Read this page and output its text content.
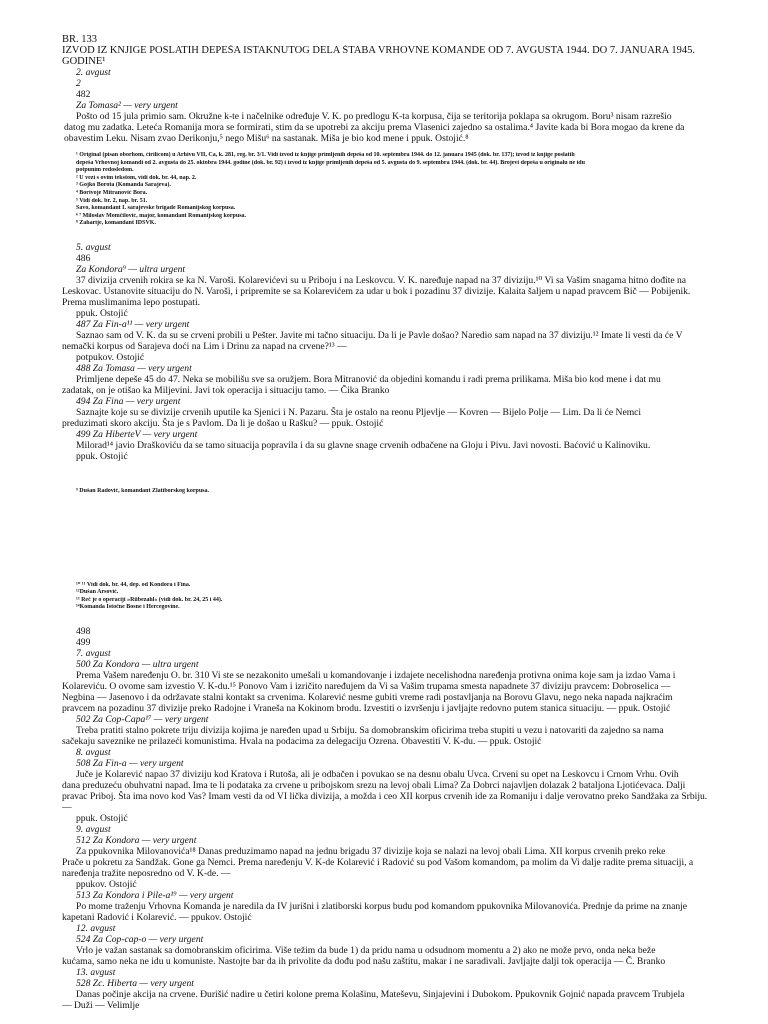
BR. 133
IZVOD IZ KNJIGE POSLATIH DEPEŠA ISTAKNUTOG DELA ŠTABA VRHOVNE KOMANDE OD 7. AVGUSTA 1944. DO 7. JANUARA 1945.
GODINE¹
2. avgust
2
482
Za Tomasa² — very urgent
Pošto od 15 jula primio sam. Okružne k-te i načelnike određuje V. K. po predlogu K-ta korpusa, čija se teritorija poklapa sa okrugom. Boru³ nisam razrešio
datog mu zadatka. Leteća Romanija mora se formirati, stim da se upotrebi za akciju prema Vlasenici zajedno sa ostalima.⁴ Javite kada bi Bora mogao da krene da
obavestim Leku. Nisam zvao Derikonju,⁵ nego Mišu⁶ na sastanak. Miša je bio kod mene i ppuk. Ostojić.⁸
¹ Original (pisan oborhom, ćirilicom) u Arhivu VII, Ca, k. 281, reg. br. 3/1. Vidi izvod iz knjige primljenih depeša od 10. septembra 1944. do 12. januara 1945 (dok. br. 137); izvod iz knjige poslatih
depeša Vrhovnoj komandi od 2. avgusta do 25. oktobra 1944. godine (dok. br. 92) i izvod iz knjige primljenih depeša od 5. avgusta do 9. septembra 1944. (dok. br. 44). Brojevi depeša u originalu ne idu
potpunim redosledom.
² U vezi s ovim tekstom, vidi dok. br. 44, nap. 2.
³ Gojko Borota (Komanda Sarajeva).
⁴ Borivoje Mitranović Bora.
⁵ Vidi dok. br. 2, nap. br. 51.
Savo, komandant I. sarajevske brigade Romanijskog korpusa.
⁶ ⁷ Miloslav Momčilović, major, komandant Romanijskog korpusa.
⁸ Zaharije, komandant IDSVK.
5. avgust
486
Za Kondora⁹ — ultra urgent
37 divizija crvenih rokira se ka N. Varoši. Kolarevićevi su u Priboju i na Leskovcu. V. K. naređuje napad na 37 diviziju.¹⁰ Vi sa Vašim snagama hitno dođite na
Leskovac. Ustanovite situaciju do N. Varoši, i pripremite se sa Kolarevićem za udar u bok i pozadinu 37 divizije. Kalaita šaljem u napad pravcem Bič — Pobijenik.
Prema muslimanima lepo postupati.
ppuk. Ostojić
487 Za Fin-a¹¹ — very urgent
Saznao sam od V. K. da su se crveni probili u Pešter. Javite mi tačno situaciju. Da li je Pavle došao? Naredio sam napad na 37 diviziju.¹² Imate li vesti da će V
nemački korpus od Sarajeva doći na Lim i Drinu za napad na crvene?¹³ —
potpukov. Ostojić
488 Za Tomasa — very urgent
Primljene depeše 45 do 47. Neka se mobilišu sve sa oružjem. Bora Mitranović da objedini komandu i radi prema prilikama. Miša bio kod mene i dat mu
zadatak, on je otišao ka Miljevini. Javi tok operacija i situaciju tamo. — Čika Branko
494 Za Fina — very urgent
Saznajte koje su se divizije crvenih uputile ka Sjenici i N. Pazaru. Šta je ostalo na reonu Pljevlje — Kovren — Bijelo Polje — Lim. Da li će Nemci
preduzimati skoro akciju. Šta je s Pavlom. Da li je došao u Rašku? — ppuk. Ostojić
499 Za HiberteV — very urgent
Milorad¹⁴ javio Draškoviću da se tamo situacija popravila i da su glavne snage crvenih odbačene na Gloju i Pivu. Javi novosti. Baćović u Kalinoviku.
ppuk. Ostojić
⁹ Dušan Radović, komandant Zlatiborskog korpusa.
¹⁰ ¹¹ Vidi dok. br. 44, dep. od Kondora i Fina.
¹²Dušan Arsović.
¹³ Reč je o operaciji »Rübezahl« (vidi dok. br. 24, 25 i 44).
¹⁴Komanda Istočne Bosne i Hercegovine.
498
499
7. avgust
500 Za Kondora — ultra urgent
Prema Vašem naređenju O. br. 310 Vi ste se nezakonito umešali u komandovanje i izdajete necelishodna naređenja protivna onima koje sam ja izdao Vama i
Kolareviću. O ovome sam izvestio V. K-du.¹⁵ Ponovo Vam i izričito naređujem da Vi sa Vašim trupama smesta napadnete 37 diviziju pravcem: Dobroselica —
Negbina — Jasenovo i da održavate stalni kontakt sa crvenima. Kolarević nesme gubiti vreme radi postavljanja na Borovu Glavu, nego neka napada najkraćim
pravcem na pozadinu 37 divizije preko Radojne i Vraneša na Kokinom brodu. Izvestiti o izvršenju i javljajte redovno putem stanica situaciju. — ppuk. Ostojić
502 Za Cop-Capa¹⁷ — very urgent
Treba pratiti stalno pokrete triju divizija kojima je naređen upad u Srbiju. Sa domobranskim oficirima treba stupiti u vezu i natovariti da zajedno sa nama
sačekaju saveznike ne prilazeći komunistima. Hvala na podacima za delegaciju Ozrena. Obavestiti V. K-du. — ppuk. Ostojić
8. avgust
508 Za Fin-a — very urgent
Juče je Kolarević napao 37 diviziju kod Kratova i Rutoša, ali je odbačen i povukao se na desnu obalu Uvca. Crveni su opet na Leskovcu i Crnom Vrhu. Ovih
dana preduzeću obuhvatni napad. Ima te li podataka za crvene u pribojskom srezu na levoj obali Lima? Za Dobrci najavljen dolazak 2 bataljona Ljotićevaca. Dalji
pravac Priboj. Šta ima novo kod Vas? Imam vesti da od VI lička divizija, a možda i ceo XII korpus crvenih ide za Romaniju i dalje verovatno preko Sandžaka za Srbiju.
—
ppuk. Ostojić
9. avgust
512 Za Kondora — very urgent
Za ppukovnika Milovanovića¹⁸ Danas preduzimamo napad na jednu brigadu 37 divizije koja se nalazi na levoj obali Lima. XII korpus crvenih preko reke
Prače u pokretu za Sandžak. Gone ga Nemci. Prema naređenju V. K-de Kolarević i Radović su pod Vašom komandom, pa molim da Vi dalje radite prema situaciji, a
naređenja tražite neposredno od V. K-de. —
ppukov. Ostojić
513 Za Kondora i Pile-a¹⁹ — very urgent
Po mome traženju Vrhovna Komanda je naredila da IV jurišni i zlatiborski korpus budu pod komandom ppukovnika Milovanovića. Prednje da prime na znanje
kapetani Radović i Kolarević. — ppukov. Ostojić
12. avgust
524 Za Cop-cap-o — very urgent
Vrlo je važan sastanak sa domobranskim oficirima. Više težim da bude 1) da pridu nama u odsudnom momentu a 2) ako ne može prvo, onda neka beže
kućama, samo neka ne idu u komuniste. Nastojte bar da ih privolite da dođu pod našu zaštitu, makar i ne saradivali. Javljajte dalji tok operacija — Č. Branko
13. avgust
528 Zc. Hiberta — very urgent
Danas počinje akcija na crvene. Đurišić nadire u četiri kolone prema Kolašinu, Mateševu, Sinjajevini i Dubokom. Ppukovnik Gojnić napada pravcem Trubjela
— Duži — Velimlje
